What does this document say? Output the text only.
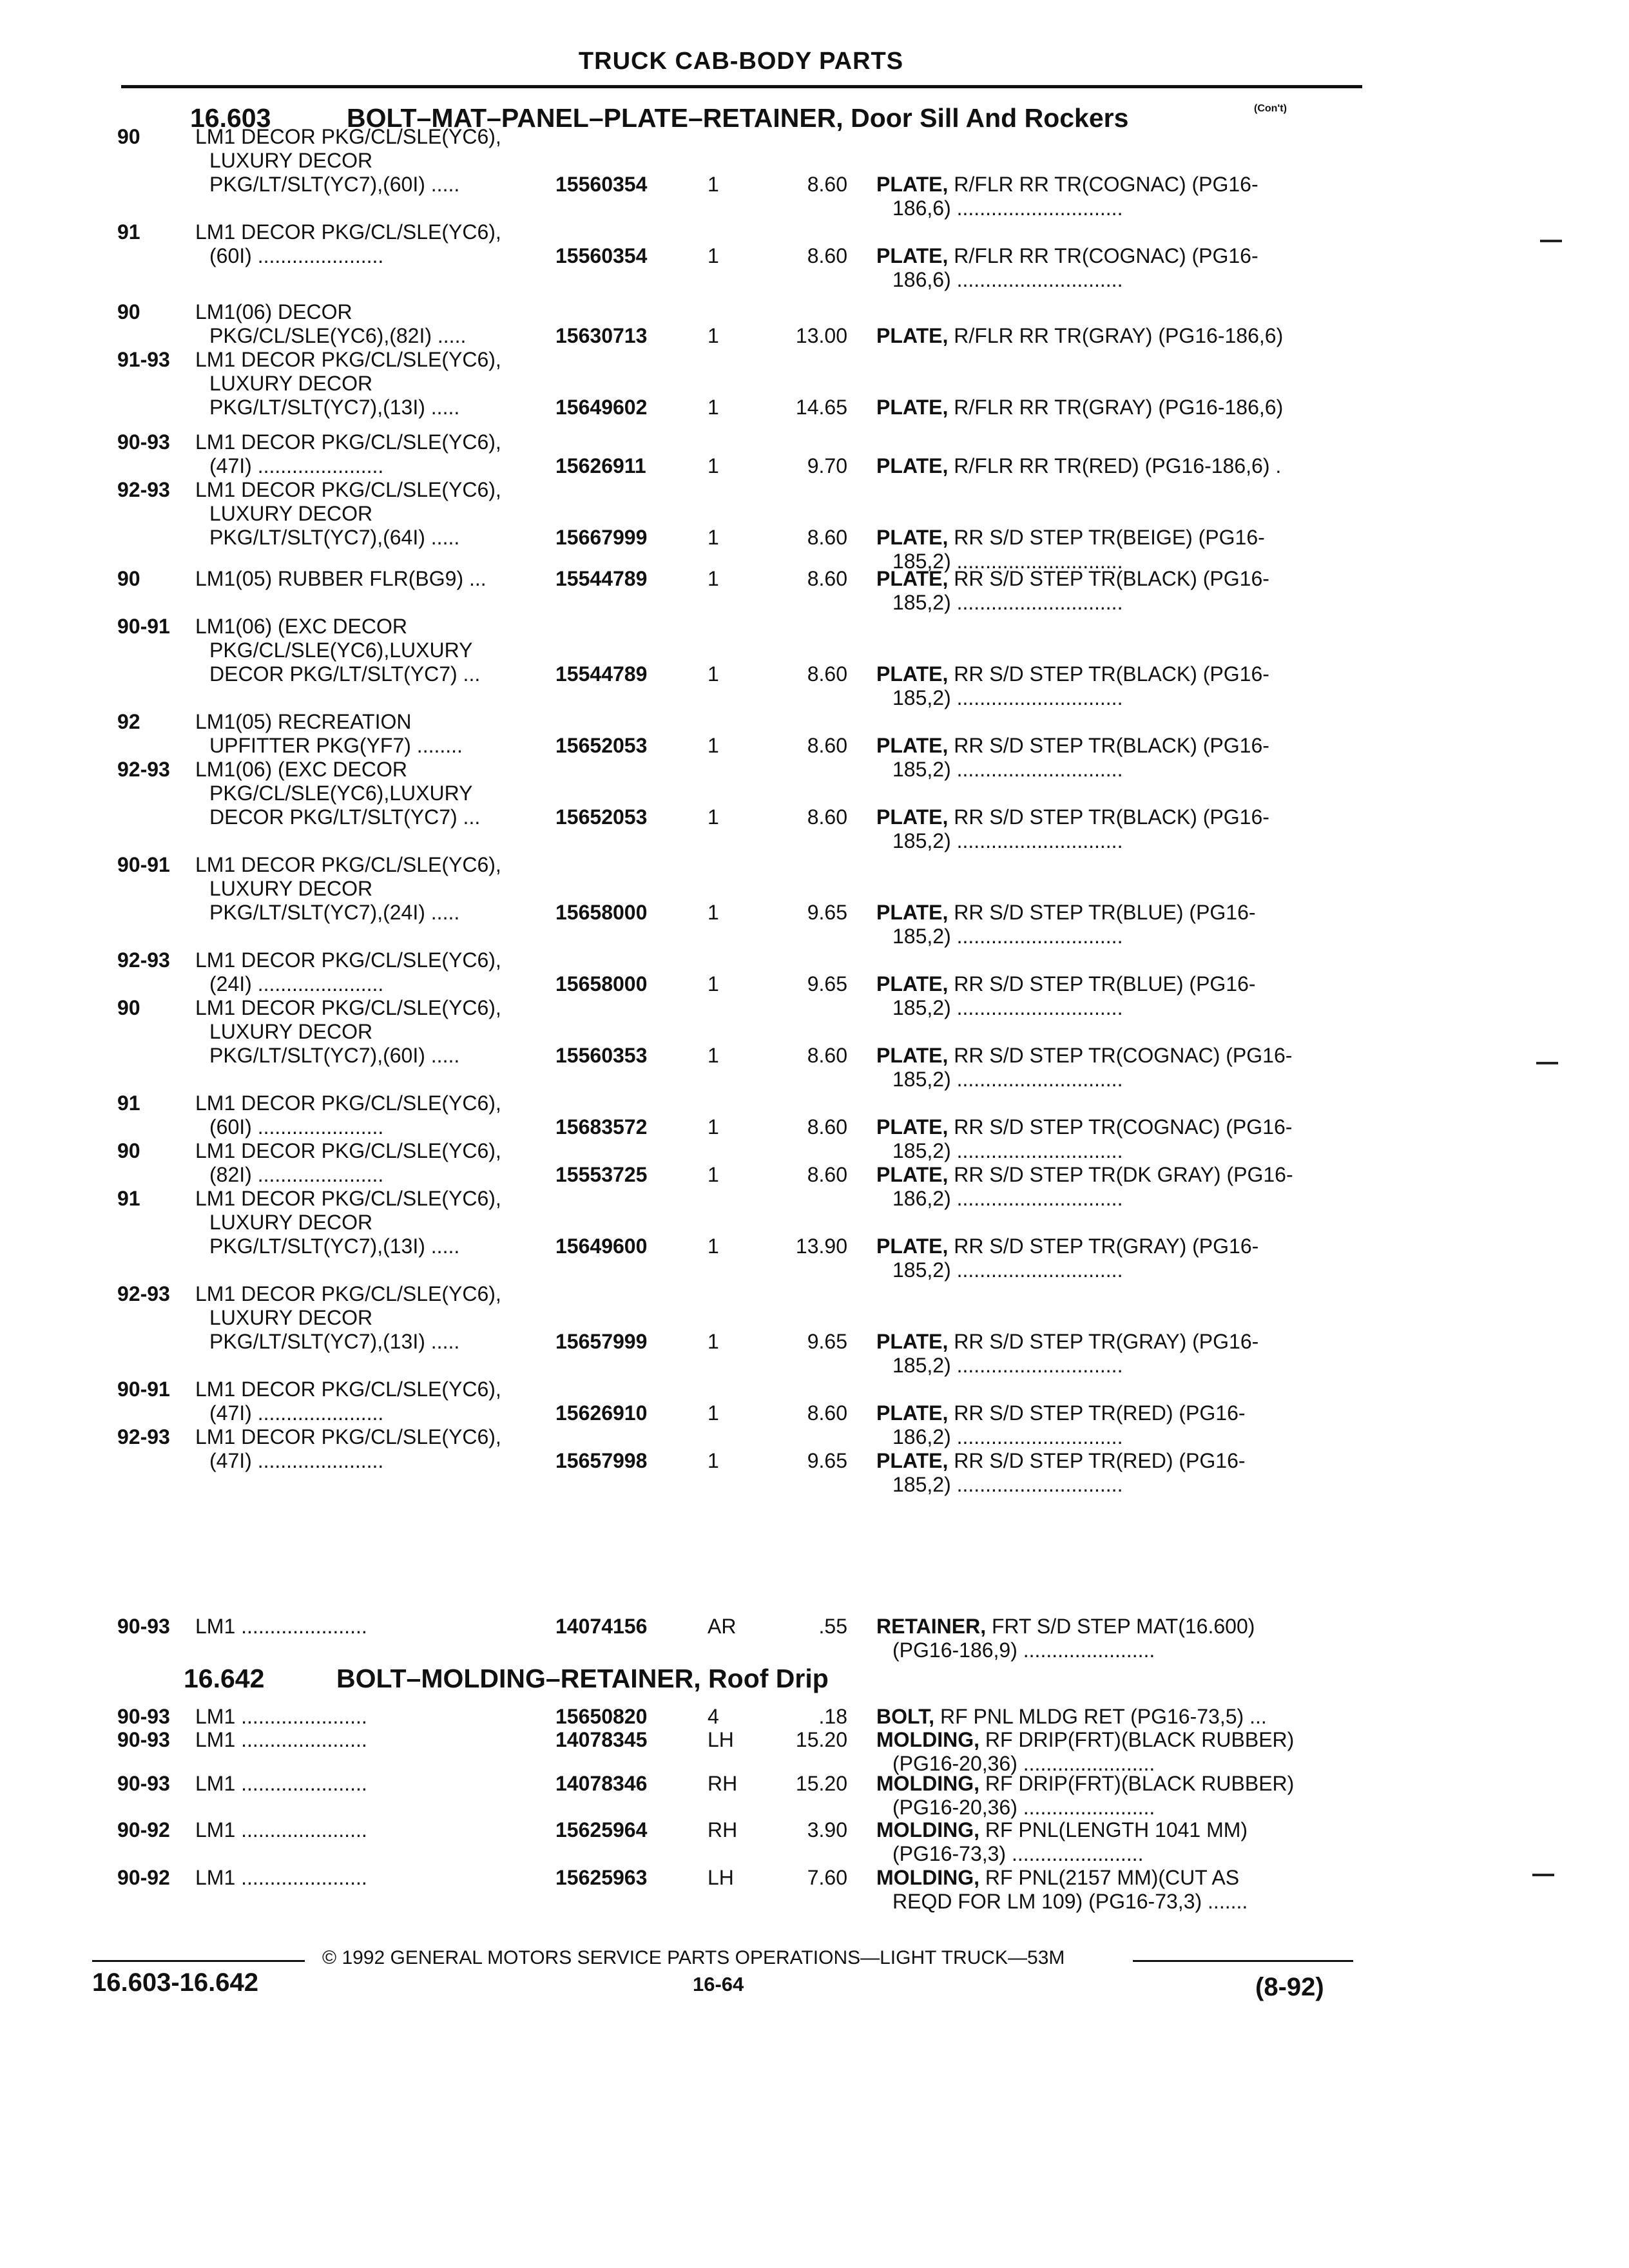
TRUCK CAB-BODY PARTS
16.603	BOLT–MAT–PANEL–PLATE–RETAINER, Door Sill And Rockers	(Con't)
16.642	BOLT–MOLDING–RETAINER, Roof Drip
90	LM1 DECOR PKG/CL/SLE(YC6),
LUXURY DECOR
PKG/LT/SLT(YC7),(60I) .....	15560354	1	8.60 PLATE, R/FLR RR TR(COGNAC) (PG16-
186,6) .............................
91	LM1 DECOR PKG/CL/SLE(YC6),
(60I) ......................	15560354	1	8.60 PLATE, R/FLR RR TR(COGNAC) (PG16-
186,6) .............................
90	LM1(06) DECOR
PKG/CL/SLE(YC6),(82I) .....	15630713	1	13.00 PLATE, R/FLR RR TR(GRAY) (PG16-186,6)
91-93	LM1 DECOR PKG/CL/SLE(YC6),
LUXURY DECOR
PKG/LT/SLT(YC7),(13I) .....	15649602	1	14.65 PLATE, R/FLR RR TR(GRAY) (PG16-186,6)
90-93	LM1 DECOR PKG/CL/SLE(YC6),
(47I) ......................	15626911	1	9.70 PLATE, R/FLR RR TR(RED) (PG16-186,6) .
92-93	LM1 DECOR PKG/CL/SLE(YC6),
LUXURY DECOR
PKG/LT/SLT(YC7),(64I) .....	15667999	1	8.60 PLATE, RR S/D STEP TR(BEIGE) (PG16-
185,2) .............................
90	LM1(05) RUBBER FLR(BG9) ...	15544789	1	8.60 PLATE, RR S/D STEP TR(BLACK) (PG16-
185,2) .............................
90-91	LM1(06) (EXC DECOR
PKG/CL/SLE(YC6),LUXURY
DECOR PKG/LT/SLT(YC7) ...	15544789	1	8.60 PLATE, RR S/D STEP TR(BLACK) (PG16-
185,2) .............................
92	LM1(05) RECREATION
UPFITTER PKG(YF7) ........	15652053	1	8.60 PLATE, RR S/D STEP TR(BLACK) (PG16-
185,2) .............................
92-93	LM1(06) (EXC DECOR
PKG/CL/SLE(YC6),LUXURY
DECOR PKG/LT/SLT(YC7) ...	15652053	1	8.60 PLATE, RR S/D STEP TR(BLACK) (PG16-
185,2) .............................
90-91	LM1 DECOR PKG/CL/SLE(YC6),
LUXURY DECOR
PKG/LT/SLT(YC7),(24I) .....	15658000	1	9.65 PLATE, RR S/D STEP TR(BLUE) (PG16-
185,2) .............................
92-93	LM1 DECOR PKG/CL/SLE(YC6),
(24I) ......................	15658000	1	9.65 PLATE, RR S/D STEP TR(BLUE) (PG16-
185,2) .............................
90	LM1 DECOR PKG/CL/SLE(YC6),
LUXURY DECOR
PKG/LT/SLT(YC7),(60I) .....	15560353	1	8.60 PLATE, RR S/D STEP TR(COGNAC) (PG16-
185,2) .............................
91	LM1 DECOR PKG/CL/SLE(YC6),
(60I) ......................	15683572	1	8.60 PLATE, RR S/D STEP TR(COGNAC) (PG16-
185,2) .............................
90	LM1 DECOR PKG/CL/SLE(YC6),
(82I) ......................	15553725	1	8.60 PLATE, RR S/D STEP TR(DK GRAY) (PG16-
186,2) .............................
91	LM1 DECOR PKG/CL/SLE(YC6),
LUXURY DECOR
PKG/LT/SLT(YC7),(13I) .....	15649600	1	13.90 PLATE, RR S/D STEP TR(GRAY) (PG16-
185,2) .............................
92-93	LM1 DECOR PKG/CL/SLE(YC6),
LUXURY DECOR
PKG/LT/SLT(YC7),(13I) .....	15657999	1	9.65 PLATE, RR S/D STEP TR(GRAY) (PG16-
185,2) .............................
90-91	LM1 DECOR PKG/CL/SLE(YC6),
(47I) ......................	15626910	1	8.60 PLATE, RR S/D STEP TR(RED) (PG16-
186,2) .............................
92-93	LM1 DECOR PKG/CL/SLE(YC6),
(47I) ......................	15657998	1	9.65 PLATE, RR S/D STEP TR(RED) (PG16-
185,2) .............................
90-93	LM1 ......................	14074156	AR	.55 RETAINER, FRT S/D STEP MAT(16.600)
(PG16-186,9) .......................
90-93	LM1 ......................	15650820	4	.18 BOLT, RF PNL MLDG RET (PG16-73,5) ...
90-93	LM1 ......................	14078345	LH	15.20 MOLDING, RF DRIP(FRT)(BLACK RUBBER)
(PG16-20,36) .......................
90-93	LM1 ......................	14078346	RH	15.20 MOLDING, RF DRIP(FRT)(BLACK RUBBER)
(PG16-20,36) .......................
90-92	LM1 ......................	15625964	RH	3.90 MOLDING, RF PNL(LENGTH 1041 MM)
(PG16-73,3) .......................
90-92	LM1 ......................	15625963	LH	7.60 MOLDING, RF PNL(2157 MM)(CUT AS
REQD FOR LM 109) (PG16-73,3) .......
© 1992 GENERAL MOTORS SERVICE PARTS OPERATIONS—LIGHT TRUCK—53M
16.603-16.642	16-64	(8-92)
